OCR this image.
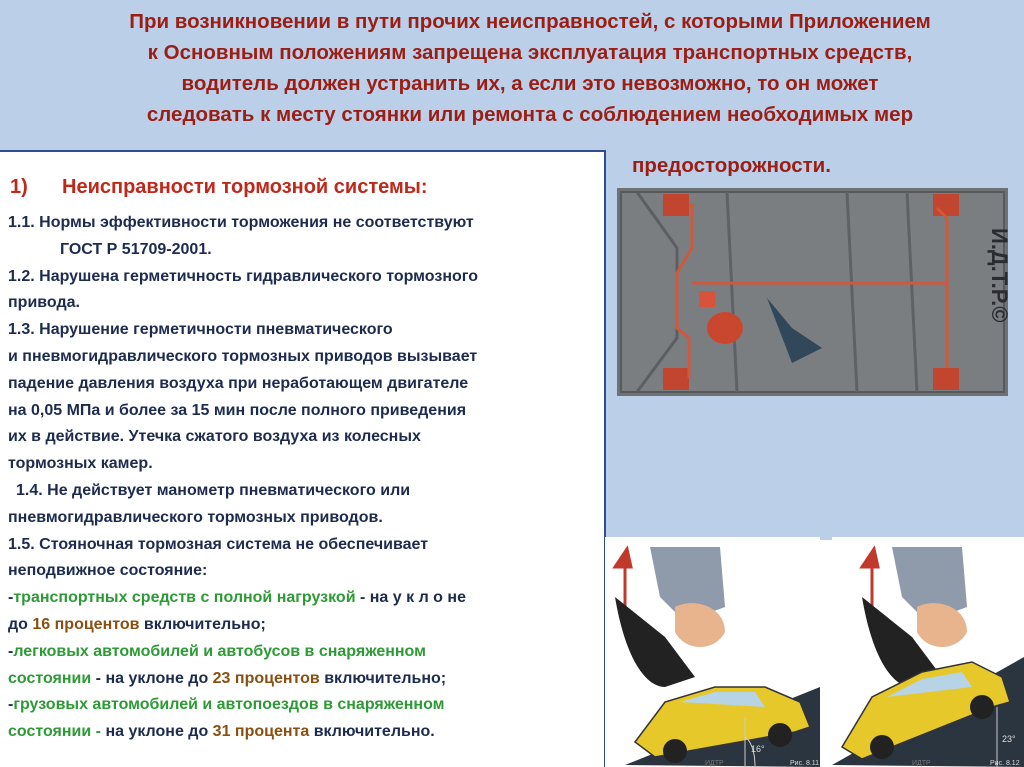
При возникновении в пути прочих неисправностей, с которыми Приложением
к Основным положениям запрещена эксплуатация транспортных средств,
водитель должен устранить их, а если это невозможно, то он может
следовать к месту стоянки или ремонта с соблюдением необходимых мер
предосторожности.
1) Неисправности тормозной системы:
1.1. Нормы эффективности торможения не соответствуют
ГОСТ Р 51709-2001.
1.2. Нарушена герметичность гидравлического тормозного
привода.
1.3. Нарушение герметичности пневматического
и пневмогидравлического тормозных приводов вызывает
падение давления воздуха при неработающем двигателе
на 0,05 МПа и более за 15 мин после полного приведения
их в действие. Утечка сжатого воздуха из колесных
тормозных камер.
1.4. Не действует манометр пневматического или
пневмогидравлического тормозных приводов.
1.5. Стояночная тормозная система не обеспечивает
неподвижное состояние:
-транспортных средств с полной нагрузкой - на у к л о не
до 16 процентов включительно;
-легковых автомобилей и автобусов в снаряженном
состоянии - на уклоне до 23 процентов включительно;
-грузовых автомобилей и автопоездов в снаряженном
состоянии - на уклоне до 31 процента включительно.
И.Д.Т.Р.©
16°
Рис. 8.11
ИДТР
23°
Рис. 8.12
ИДТР
